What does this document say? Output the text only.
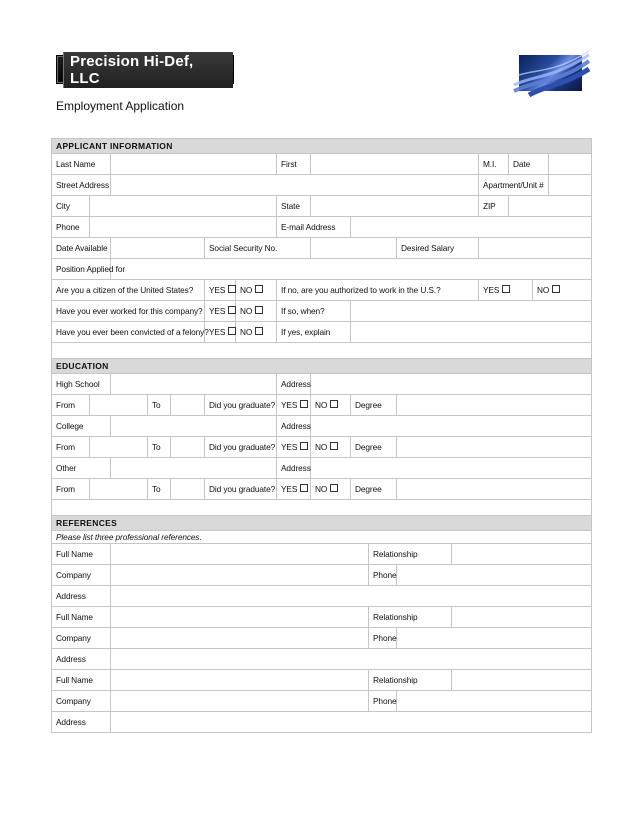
Precision Hi-Def, LLC
Employment Application
APPLICANT INFORMATION																
Last Name							First						M.I.	Date		
Street Address													Apartment/Unit #			
City							State						ZIP			
Phone							E-mail Address									
Date Available					Social Security No.						Desired Salary					
Position Applied for																
Are you a citizen of the United States?					YES	NO	If no, are you authorized to work in the U.S.?						YES		NO	
Have you ever worked for this company?					YES	NO	If so, when?									
Have you ever been convicted of a felony?					YES	NO	If yes, explain									

EDUCATION																
High School							Address									
From			To		Did you graduate?		YES	NO	Degree							
College							Address									
From			To		Did you graduate?		YES	NO	Degree							
Other							Address									
From			To		Did you graduate?		YES	NO	Degree							

REFERENCES																
Please list three professional references.																
Full Name										Relationship						
Company										Phone						
Address																
Full Name										Relationship						
Company										Phone						
Address																
Full Name										Relationship						
Company										Phone						
Address																
